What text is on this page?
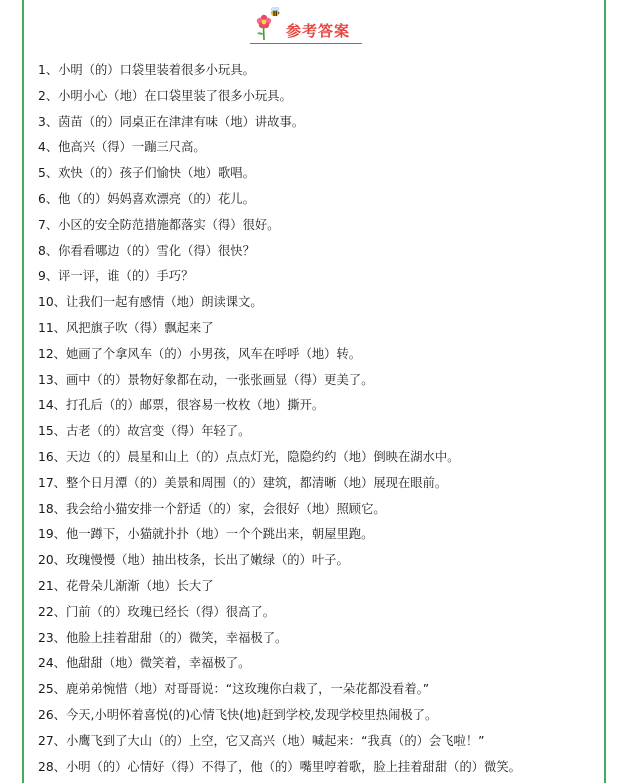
参考答案
1、小明（的）口袋里装着很多小玩具。
2、小明小心（地）在口袋里装了很多小玩具。
3、茵苗（的）同桌正在津津有味（地）讲故事。
4、他高兴（得）一蹦三尺高。
5、欢快（的）孩子们愉快（地）歌唱。
6、他（的）妈妈喜欢漂亮（的）花儿。
7、小区的安全防范措施都落实（得）很好。
8、你看看哪边（的）雪化（得）很快？
9、评一评，谁（的）手巧？
10、让我们一起有感情（地）朗读课文。
11、风把旗子吹（得）飘起来了
12、她画了个拿风车（的）小男孩，风车在呼呼（地）转。
13、画中（的）景物好象都在动，一张张画显（得）更美了。
14、打孔后（的）邮票，很容易一枚枚（地）撕开。
15、古老（的）故宫变（得）年轻了。
16、天边（的）晨星和山上（的）点点灯光，隐隐约约（地）倒映在湖水中。
17、整个日月潭（的）美景和周围（的）建筑，都清晰（地）展现在眼前。
18、我会给小猫安排一个舒适（的）家，会很好（地）照顾它。
19、他一蹲下，小猫就扑扑（地）一个个跳出来，朝屋里跑。
20、玫瑰慢慢（地）抽出枝条，长出了嫩绿（的）叶子。
21、花骨朵儿渐渐（地）长大了
22、门前（的）玫瑰已经长（得）很高了。
23、他脸上挂着甜甜（的）微笑，幸福极了。
24、他甜甜（地）微笑着，幸福极了。
25、鹿弟弟惋惜（地）对哥哥说：“这玫瑰你白栽了，一朵花都没看着。”
26、今天,小明怀着喜悦(的)心情飞快(地)赶到学校,发现学校里热闹极了。
27、小鹰飞到了大山（的）上空，它又高兴（地）喊起来：“我真（的）会飞啦！”
28、小明（的）心情好（得）不得了，他（的）嘴里哼着歌，脸上挂着甜甜（的）微笑。
